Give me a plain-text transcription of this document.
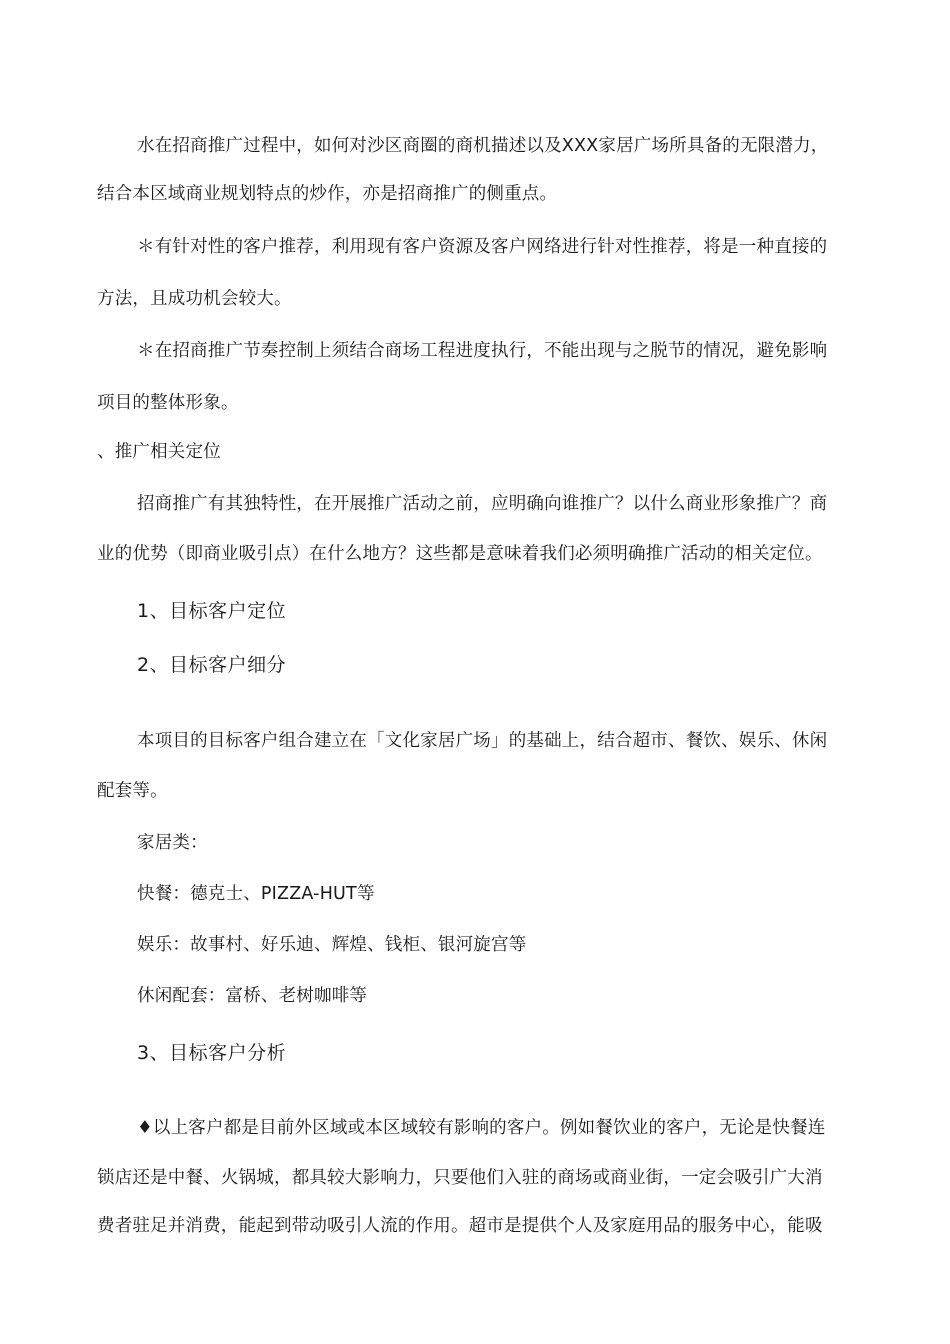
水在招商推广过程中，如何对沙区商圈的商机描述以及XXX家居广场所具备的无限潜力，
结合本区域商业规划特点的炒作，亦是招商推广的侧重点。
＊有针对性的客户推荐，利用现有客户资源及客户网络进行针对性推荐，将是一种直接的
方法，且成功机会较大。
＊在招商推广节奏控制上须结合商场工程进度执行，不能出现与之脱节的情况，避免影响
项目的整体形象。
、推广相关定位
招商推广有其独特性，在开展推广活动之前，应明确向谁推广？以什么商业形象推广？商
业的优势（即商业吸引点）在什么地方？这些都是意味着我们必须明确推广活动的相关定位。
1、目标客户定位
2、目标客户细分
本项目的目标客户组合建立在「文化家居广场」的基础上，结合超市、餐饮、娱乐、休闲
配套等。
家居类：
快餐：德克士、PIZZA-HUT等
娱乐：故事村、好乐迪、辉煌、钱柜、银河旋宫等
休闲配套：富桥、老树咖啡等
3、目标客户分析
♦以上客户都是目前外区域或本区域较有影响的客户。例如餐饮业的客户，无论是快餐连
锁店还是中餐、火锅城，都具较大影响力，只要他们入驻的商场或商业街，一定会吸引广大消
费者驻足并消费，能起到带动吸引人流的作用。超市是提供个人及家庭用品的服务中心，能吸
